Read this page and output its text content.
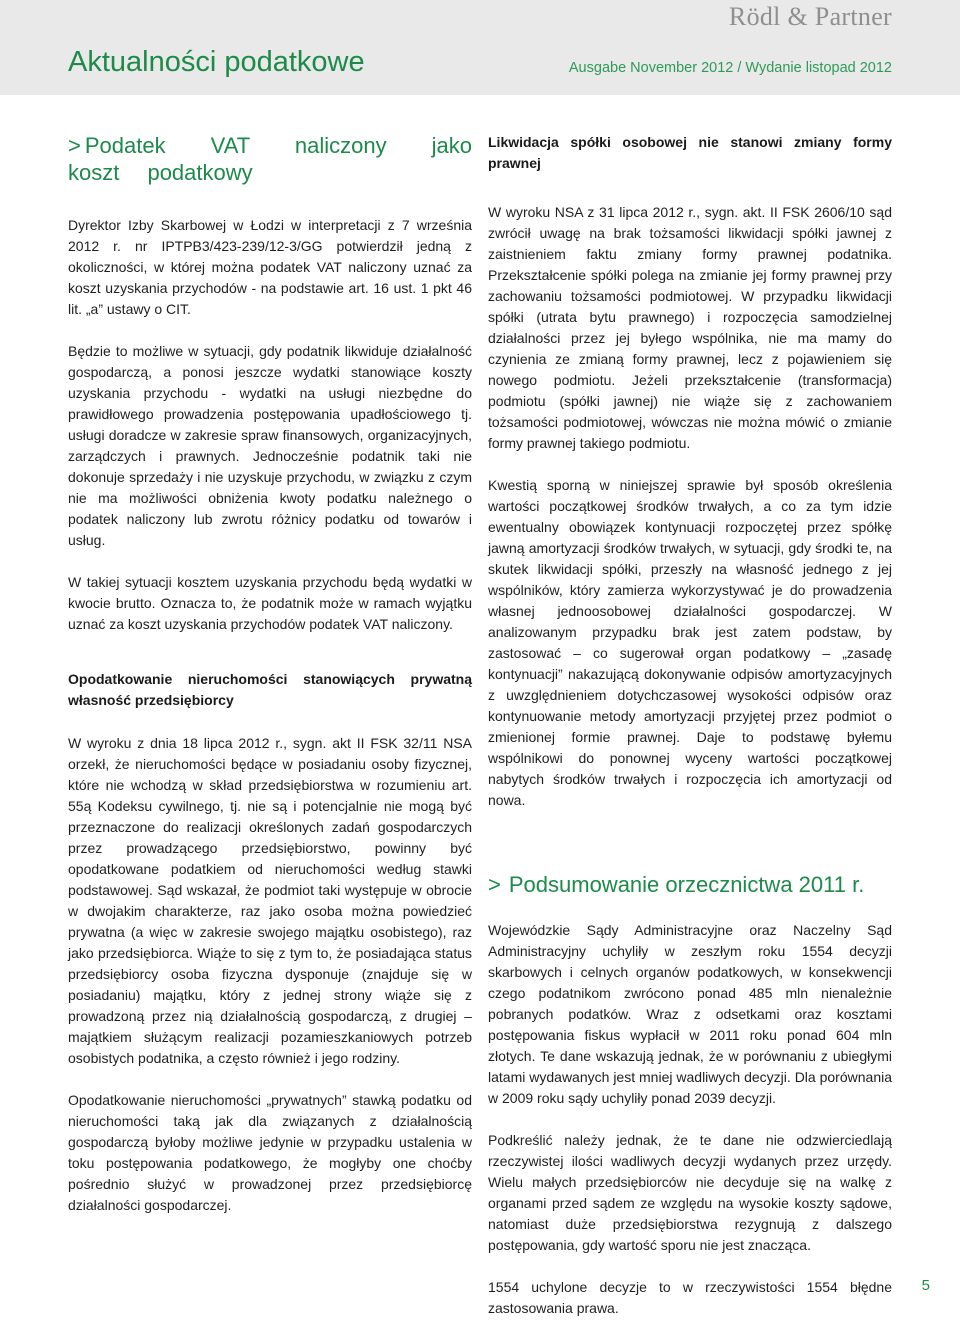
Rödl & Partner
Aktualności podatkowe	Ausgabe November 2012 / Wydanie listopad 2012
> Podatek VAT naliczony jako koszt podatkowy

Dyrektor Izby Skarbowej w Łodzi w interpretacji z 7 września 2012 r. nr IPTPB3/423-239/12-3/GG potwierdził jedną z okoliczności, w której można podatek VAT naliczony uznać za koszt uzyskania przychodów - na podstawie art. 16 ust. 1 pkt 46 lit. „a” ustawy o CIT.

Będzie to możliwe w sytuacji, gdy podatnik likwiduje działalność gospodarczą, a ponosi jeszcze wydatki stanowiące koszty uzyskania przychodu - wydatki na usługi niezbędne do prawidłowego prowadzenia postępowania upadłościowego tj. usługi doradcze w zakresie spraw finansowych, organizacyjnych, zarządczych i prawnych. Jednocześnie podatnik taki nie dokonuje sprzedaży i nie uzyskuje przychodu, w związku z czym nie ma możliwości obniżenia kwoty podatku należnego o podatek naliczony lub zwrotu różnicy podatku od towarów i usług.

W takiej sytuacji kosztem uzyskania przychodu będą wydatki w kwocie brutto. Oznacza to, że podatnik może w ramach wyjątku uznać za koszt uzyskania przychodów podatek VAT naliczony.

Opodatkowanie nieruchomości stanowiących prywatną własność przedsiębiorcy

W wyroku z dnia 18 lipca 2012 r., sygn. akt II FSK 32/11 NSA orzekł, że nieruchomości będące w posiadaniu osoby fizycznej, które nie wchodzą w skład przedsiębiorstwa w rozumieniu art. 55ą Kodeksu cywilnego, tj. nie są i potencjalnie nie mogą być przeznaczone do realizacji określonych zadań gospodarczych przez prowadzącego przedsiębiorstwo, powinny być opodatkowane podatkiem od nieruchomości według stawki podstawowej. Sąd wskazał, że podmiot taki występuje w obrocie w dwojakim charakterze, raz jako osoba można powiedzieć prywatna (a więc w zakresie swojego majątku osobistego), raz jako przedsiębiorca. Wiąże to się z tym to, że posiadająca status przedsiębiorcy osoba fizyczna dysponuje (znajduje się w posiadaniu) majątku, który z jednej strony wiąże się z prowadzoną przez nią działalnością gospodarczą, z drugiej – majątkiem służącym realizacji pozamieszkaniowych potrzeb osobistych podatnika, a często również i jego rodziny.

Opodatkowanie nieruchomości „prywatnych” stawką podatku od nieruchomości taką jak dla związanych z działalnością gospodarczą byłoby możliwe jedynie w przypadku ustalenia w toku postępowania podatkowego, że mogłyby one choćby pośrednio służyć w prowadzonej przez przedsiębiorcę działalności gospodarczej.

Likwidacja spółki osobowej nie stanowi zmiany formy prawnej

W wyroku NSA z 31 lipca 2012 r., sygn. akt. II FSK 2606/10 sąd zwrócił uwagę na brak tożsamości likwidacji spółki jawnej z zaistnieniem faktu zmiany formy prawnej podatnika. Przekształcenie spółki polega na zmianie jej formy prawnej przy zachowaniu tożsamości podmiotowej. W przypadku likwidacji spółki (utrata bytu prawnego) i rozpoczęcia samodzielnej działalności przez jej byłego wspólnika, nie ma mamy do czynienia ze zmianą formy prawnej, lecz z pojawieniem się nowego podmiotu. Jeżeli przekształcenie (transformacja) podmiotu (spółki jawnej) nie wiąże się z zachowaniem tożsamości podmiotowej, wówczas nie można mówić o zmianie formy prawnej takiego podmiotu.

Kwestią sporną w niniejszej sprawie był sposób określenia wartości początkowej środków trwałych, a co za tym idzie ewentualny obowiązek kontynuacji rozpoczętej przez spółkę jawną amortyzacji środków trwałych, w sytuacji, gdy środki te, na skutek likwidacji spółki, przeszły na własność jednego z jej wspólników, który zamierza wykorzystywać je do prowadzenia własnej jednoosobowej działalności gospodarczej. W analizowanym przypadku brak jest zatem podstaw, by zastosować – co sugerował organ podatkowy – „zasadę kontynuacji” nakazującą dokonywanie odpisów amortyzacyjnych z uwzględnieniem dotychczasowej wysokości odpisów oraz kontynuowanie metody amortyzacji przyjętej przez podmiot o zmienionej formie prawnej. Daje to podstawę byłemu wspólnikowi do ponownej wyceny wartości początkowej nabytych środków trwałych i rozpoczęcia ich amortyzacji od nowa.

> Podsumowanie orzecznictwa 2011 r.

Wojewódzkie Sądy Administracyjne oraz Naczelny Sąd Administracyjny uchyliły w zeszłym roku 1554 decyzji skarbowych i celnych organów podatkowych, w konsekwencji czego podatnikom zwrócono ponad 485 mln nienależnie pobranych podatków. Wraz z odsetkami oraz kosztami postępowania fiskus wypłacił w 2011 roku ponad 604 mln złotych. Te dane wskazują jednak, że w porównaniu z ubiegłymi latami wydawanych jest mniej wadliwych decyzji. Dla porównania w 2009 roku sądy uchyliły ponad 2039 decyzji.

Podkreślić należy jednak, że te dane nie odzwierciedlają rzeczywistej ilości wadliwych decyzji wydanych przez urzędy. Wielu małych przedsiębiorców nie decyduje się na walkę z organami przed sądem ze względu na wysokie koszty sądowe, natomiast duże przedsiębiorstwa rezygnują z dalszego postępowania, gdy wartość sporu nie jest znacząca.

1554 uchylone decyzje to w rzeczywistości 1554 błędne zastosowania prawa.

5
